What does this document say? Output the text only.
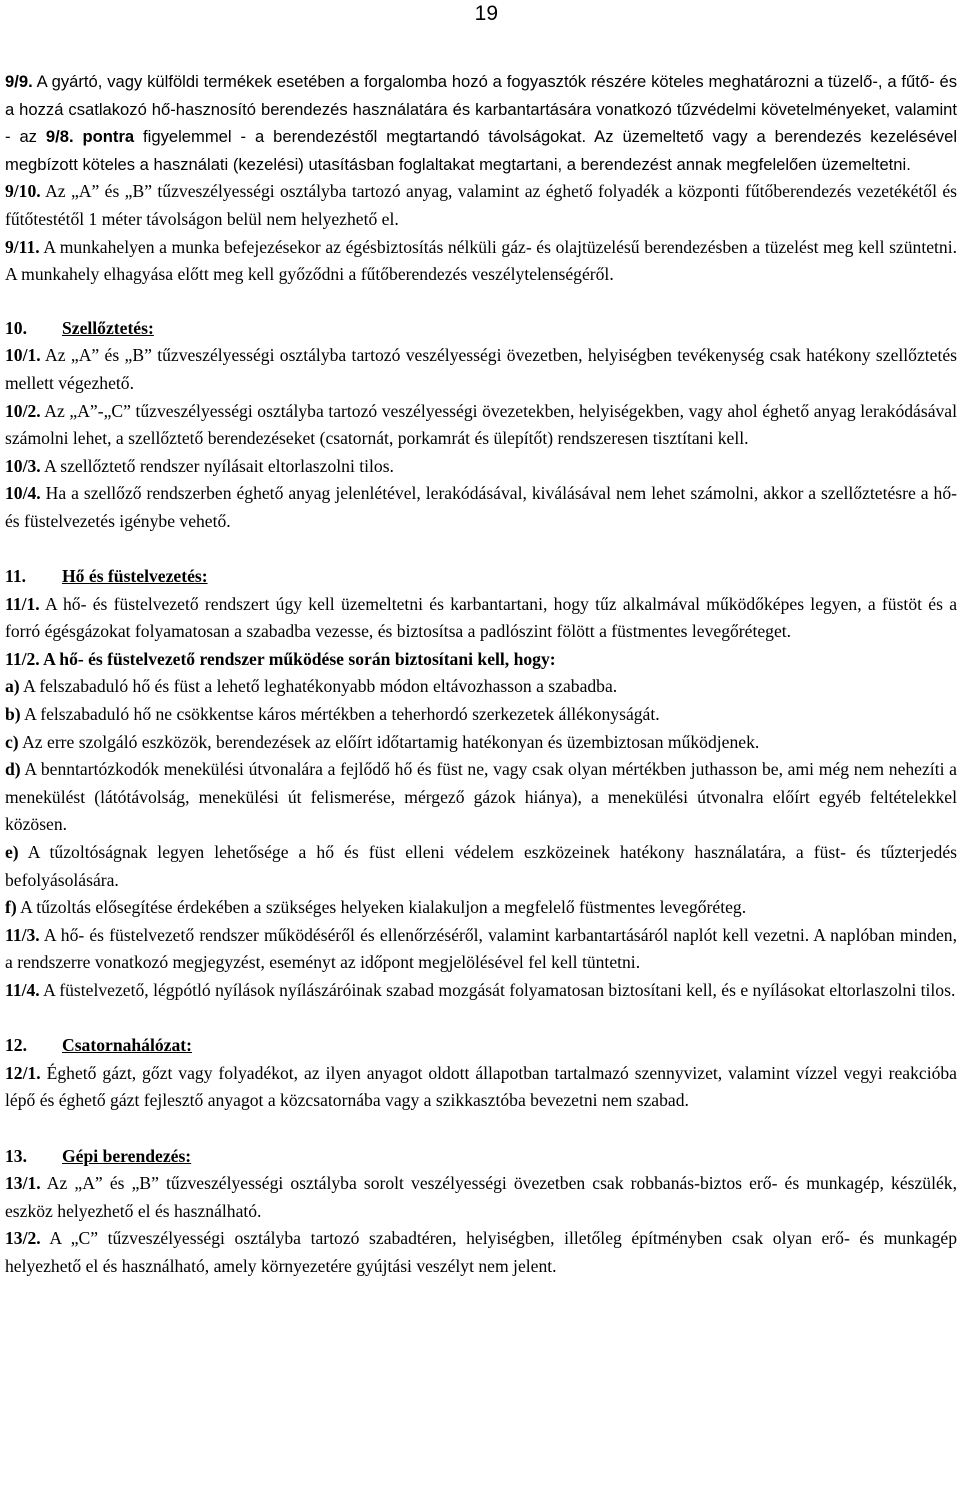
19

9/9. A gyártó, vagy külföldi termékek esetében a forgalomba hozó a fogyasztók részére köteles meghatározni a tüzelő-, a fűtő- és a hozzá csatlakozó hő-hasznosító berendezés használatára és karbantartására vonatkozó tűzvédelmi követelményeket, valamint - az 9/8. pontra figyelemmel - a berendezéstől megtartandó távolságokat. Az üzemeltető vagy a berendezés kezelésével megbízott köteles a használati (kezelési) utasításban foglaltakat megtartani, a berendezést annak megfelelően üzemeltetni.

9/10. Az „A” és „B” tűzveszélyességi osztályba tartozó anyag, valamint az éghető folyadék a központi fűtőberendezés vezetékétől és fűtőtestétől 1 méter távolságon belül nem helyezhető el.

9/11. A munkahelyen a munka befejezésekor az égésbiztosítás nélküli gáz- és olajtüzelésű berendezésben a tüzelést meg kell szüntetni. A munkahely elhagyása előtt meg kell győződni a fűtőberendezés veszélytelenségéről.

10. Szellőztetés:

10/1. Az „A” és „B” tűzveszélyességi osztályba tartozó veszélyességi övezetben, helyiségben tevékenység csak hatékony szellőztetés mellett végezhető.

10/2. Az „A”-„C” tűzveszélyességi osztályba tartozó veszélyességi övezetekben, helyiségekben, vagy ahol éghető anyag lerakódásával számolni lehet, a szellőztető berendezéseket (csatornát, porkamrát és ülepítőt) rendszeresen tisztítani kell.

10/3. A szellőztető rendszer nyílásait eltorlaszolni tilos.

10/4. Ha a szellőző rendszerben éghető anyag jelenlétével, lerakódásával, kiválásával nem lehet számolni, akkor a szellőztetésre a hő- és füstelvezetés igénybe vehető.

11. Hő és füstelvezetés:

11/1. A hő- és füstelvezető rendszert úgy kell üzemeltetni és karbantartani, hogy tűz alkalmával működőképes legyen, a füstöt és a forró égésgázokat folyamatosan a szabadba vezesse, és biztosítsa a padlószint fölött a füstmentes levegőréteget.

11/2. A hő- és füstelvezető rendszer működése során biztosítani kell, hogy:

a) A felszabaduló hő és füst a lehető leghatékonyabb módon eltávozhasson a szabadba.

b) A felszabaduló hő ne csökkentse káros mértékben a teherhordó szerkezetek állékonyságát.

c) Az erre szolgáló eszközök, berendezések az előírt időtartamig hatékonyan és üzembiztosan működjenek.

d) A benntartózkodók menekülési útvonalára a fejlődő hő és füst ne, vagy csak olyan mértékben juthasson be, ami még nem nehezíti a menekülést (látótávolság, menekülési út felismerése, mérgező gázok hiánya), a menekülési útvonalra előírt egyéb feltételekkel közösen.

e) A tűzoltóságnak legyen lehetősége a hő és füst elleni védelem eszközeinek hatékony használatára, a füst- és tűzterjedés befolyásolására.

f) A tűzoltás elősegítése érdekében a szükséges helyeken kialakuljon a megfelelő füstmentes levegőréteg.

11/3. A hő- és füstelvezető rendszer működéséről és ellenőrzéséről, valamint karbantartásáról naplót kell vezetni. A naplóban minden, a rendszerre vonatkozó megjegyzést, eseményt az időpont megjelölésével fel kell tüntetni.

11/4. A füstelvezető, légpótló nyílások nyílászáróinak szabad mozgását folyamatosan biztosítani kell, és e nyílásokat eltorlaszolni tilos.

12. Csatornahálózat:

12/1. Éghető gázt, gőzt vagy folyadékot, az ilyen anyagot oldott állapotban tartalmazó szennyvizet, valamint vízzel vegyi reakcióba lépő és éghető gázt fejlesztő anyagot a közcsatornába vagy a szikkasztóba bevezetni nem szabad.

13. Gépi berendezés:

13/1. Az „A” és „B” tűzveszélyességi osztályba sorolt veszélyességi övezetben csak robbanás-biztos erő- és munkagép, készülék, eszköz helyezhető el és használható.

13/2. A „C” tűzveszélyességi osztályba tartozó szabadtéren, helyiségben, illetőleg építményben csak olyan erő- és munkagép helyezhető el és használható, amely környezetére gyújtási veszélyt nem jelent.
